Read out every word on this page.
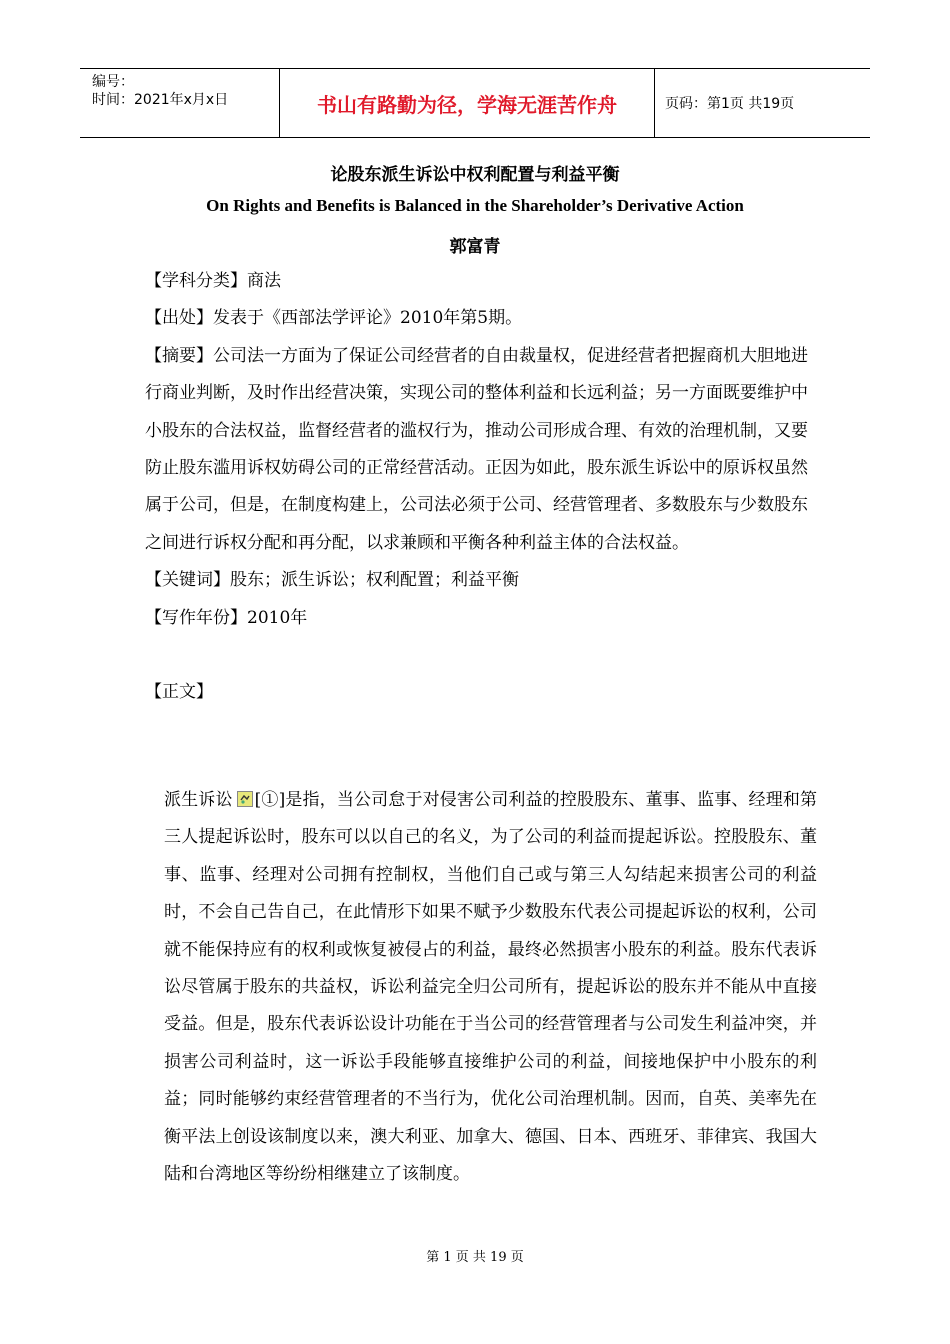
编号：
时间：2021年x月x日	书山有路勤为径，学海无涯苦作舟	页码：第1页 共19页
论股东派生诉讼中权利配置与利益平衡
On Rights and Benefits is Balanced in the Shareholder’s Derivative Action
郭富青

【学科分类】商法

【出处】发表于《西部法学评论》2010年第5期。

【摘要】公司法一方面为了保证公司经营者的自由裁量权，促进经营者把握商机大胆地进行商业判断，及时作出经营决策，实现公司的整体利益和长远利益；另一方面既要维护中小股东的合法权益，监督经营者的滥权行为，推动公司形成合理、有效的治理机制，又要防止股东滥用诉权妨碍公司的正常经营活动。正因为如此，股东派生诉讼中的原诉权虽然属于公司，但是，在制度构建上，公司法必须于公司、经营管理者、多数股东与少数股东之间进行诉权分配和再分配，以求兼顾和平衡各种利益主体的合法权益。

【关键词】股东；派生诉讼；权利配置；利益平衡

【写作年份】2010年

【正文】

派生诉讼 [①]是指，当公司怠于对侵害公司利益的控股股东、董事、监事、经理和第三人提起诉讼时，股东可以以自己的名义，为了公司的利益而提起诉讼。控股股东、董事、监事、经理对公司拥有控制权，当他们自己或与第三人勾结起来损害公司的利益时，不会自己告自己，在此情形下如果不赋予少数股东代表公司提起诉讼的权利，公司就不能保持应有的权利或恢复被侵占的利益，最终必然损害小股东的利益。股东代表诉讼尽管属于股东的共益权，诉讼利益完全归公司所有，提起诉讼的股东并不能从中直接受益。但是，股东代表诉讼设计功能在于当公司的经营管理者与公司发生利益冲突，并损害公司利益时，这一诉讼手段能够直接维护公司的利益，间接地保护中小股东的利益；同时能够约束经营管理者的不当行为，优化公司治理机制。因而，自英、美率先在衡平法上创设该制度以来，澳大利亚、加拿大、德国、日本、西班牙、菲律宾、我国大陆和台湾地区等纷纷相继建立了该制度。

第 1 页 共 19 页
